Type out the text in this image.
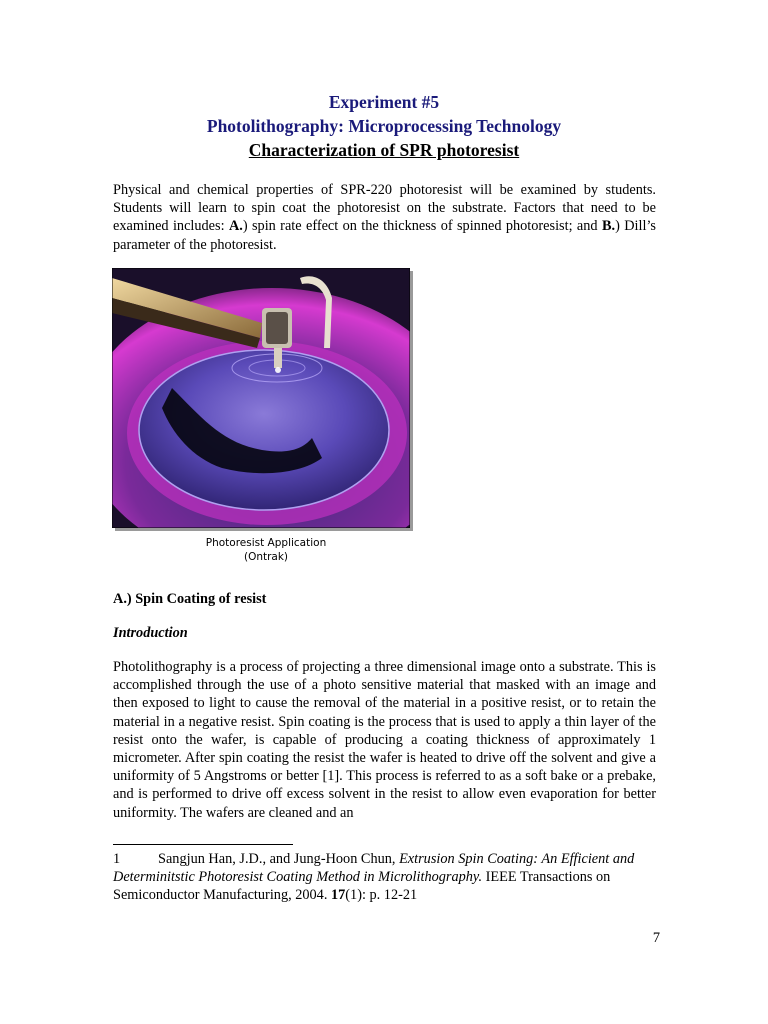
Experiment #5
Photolithography: Microprocessing Technology
Characterization of SPR photoresist
Physical and chemical properties of SPR-220 photoresist will be examined by students. Students will learn to spin coat the photoresist on the substrate. Factors that need to be examined includes: A.) spin rate effect on the thickness of spinned photoresist; and B.) Dill’s parameter of the photoresist.
Photoresist Application
(Ontrak)
A.) Spin Coating of resist
Introduction
Photolithography is a process of projecting a three dimensional image onto a substrate. This is accomplished through the use of a photo sensitive material that masked with an image and then exposed to light to cause the removal of the material in a positive resist, or to retain the material in a negative resist. Spin coating is the process that is used to apply a thin layer of the resist onto the wafer, is capable of producing a coating thickness of approximately 1 micrometer. After spin coating the resist the wafer is heated to drive off the solvent and give a uniformity of 5 Angstroms or better [1]. This process is referred to as a soft bake or a prebake, and is performed to drive off excess solvent in the resist to allow even evaporation for better uniformity. The wafers are cleaned and an
1	Sangjun Han, J.D., and Jung-Hoon Chun, Extrusion Spin Coating: An Efficient and Determinitstic Photoresist Coating Method in Microlithography. IEEE Transactions on Semiconductor Manufacturing, 2004. 17(1): p. 12-21
7
